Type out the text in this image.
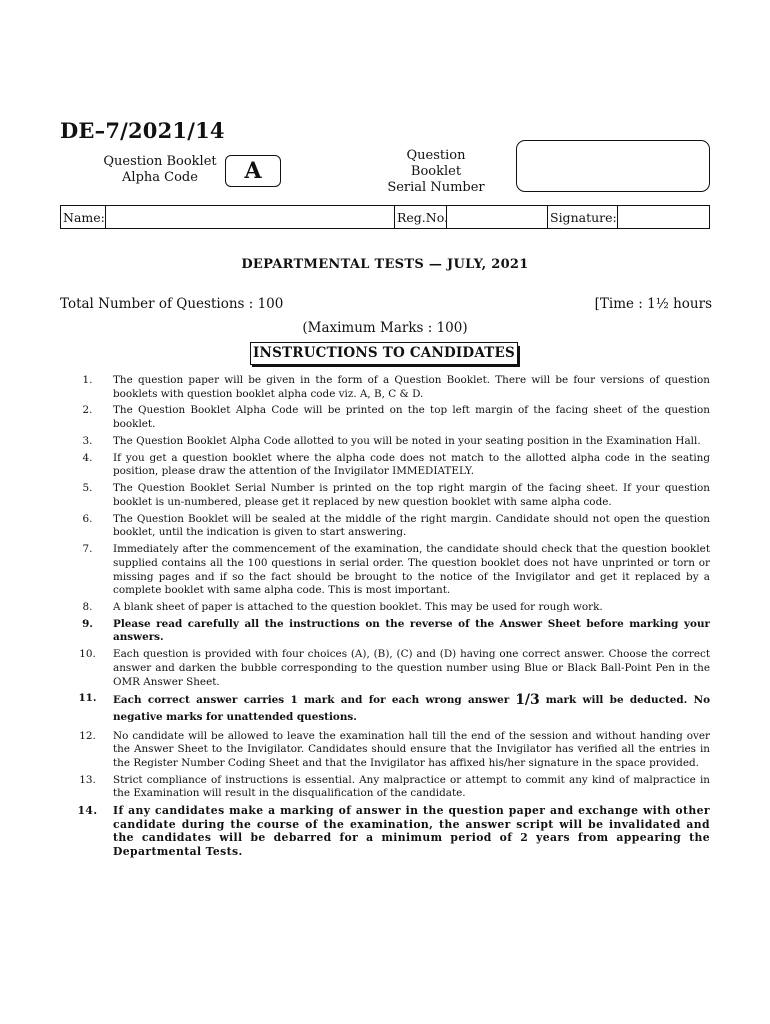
DE–7/2021/14
Question Booklet
Alpha Code	A
Question Booklet
Serial Number
Name:	Reg.No.	Signature:
DEPARTMENTAL TESTS — JULY, 2021
Total Number of Questions : 100	[Time : 1½ hours
(Maximum Marks : 100)
INSTRUCTIONS TO CANDIDATES
1.	The question paper will be given in the form of a Question Booklet. There will be four versions of question booklets with question booklet alpha code viz. A, B, C & D.
2.	The Question Booklet Alpha Code will be printed on the top left margin of the facing sheet of the question booklet.
3.	The Question Booklet Alpha Code allotted to you will be noted in your seating position in the Examination Hall.
4.	If you get a question booklet where the alpha code does not match to the allotted alpha code in the seating position, please draw the attention of the Invigilator IMMEDIATELY.
5.	The Question Booklet Serial Number is printed on the top right margin of the facing sheet. If your question booklet is un-numbered, please get it replaced by new question booklet with same alpha code.
6.	The Question Booklet will be sealed at the middle of the right margin. Candidate should not open the question booklet, until the indication is given to start answering.
7.	Immediately after the commencement of the examination, the candidate should check that the question booklet supplied contains all the 100 questions in serial order. The question booklet does not have unprinted or torn or missing pages and if so the fact should be brought to the notice of the Invigilator and get it replaced by a complete booklet with same alpha code. This is most important.
8.	A blank sheet of paper is attached to the question booklet. This may be used for rough work.
9.	Please read carefully all the instructions on the reverse of the Answer Sheet before marking your answers.
10.	Each question is provided with four choices (A), (B), (C) and (D) having one correct answer. Choose the correct answer and darken the bubble corresponding to the question number using Blue or Black Ball-Point Pen in the OMR Answer Sheet.
11.	Each correct answer carries 1 mark and for each wrong answer 1/3 mark will be deducted. No negative marks for unattended questions.
12.	No candidate will be allowed to leave the examination hall till the end of the session and without handing over the Answer Sheet to the Invigilator. Candidates should ensure that the Invigilator has verified all the entries in the Register Number Coding Sheet and that the Invigilator has affixed his/her signature in the space provided.
13.	Strict compliance of instructions is essential. Any malpractice or attempt to commit any kind of malpractice in the Examination will result in the disqualification of the candidate.
14.	If any candidates make a marking of answer in the question paper and exchange with other candidate during the course of the examination, the answer script will be invalidated and the candidates will be debarred for a minimum period of 2 years from appearing the Departmental Tests.
